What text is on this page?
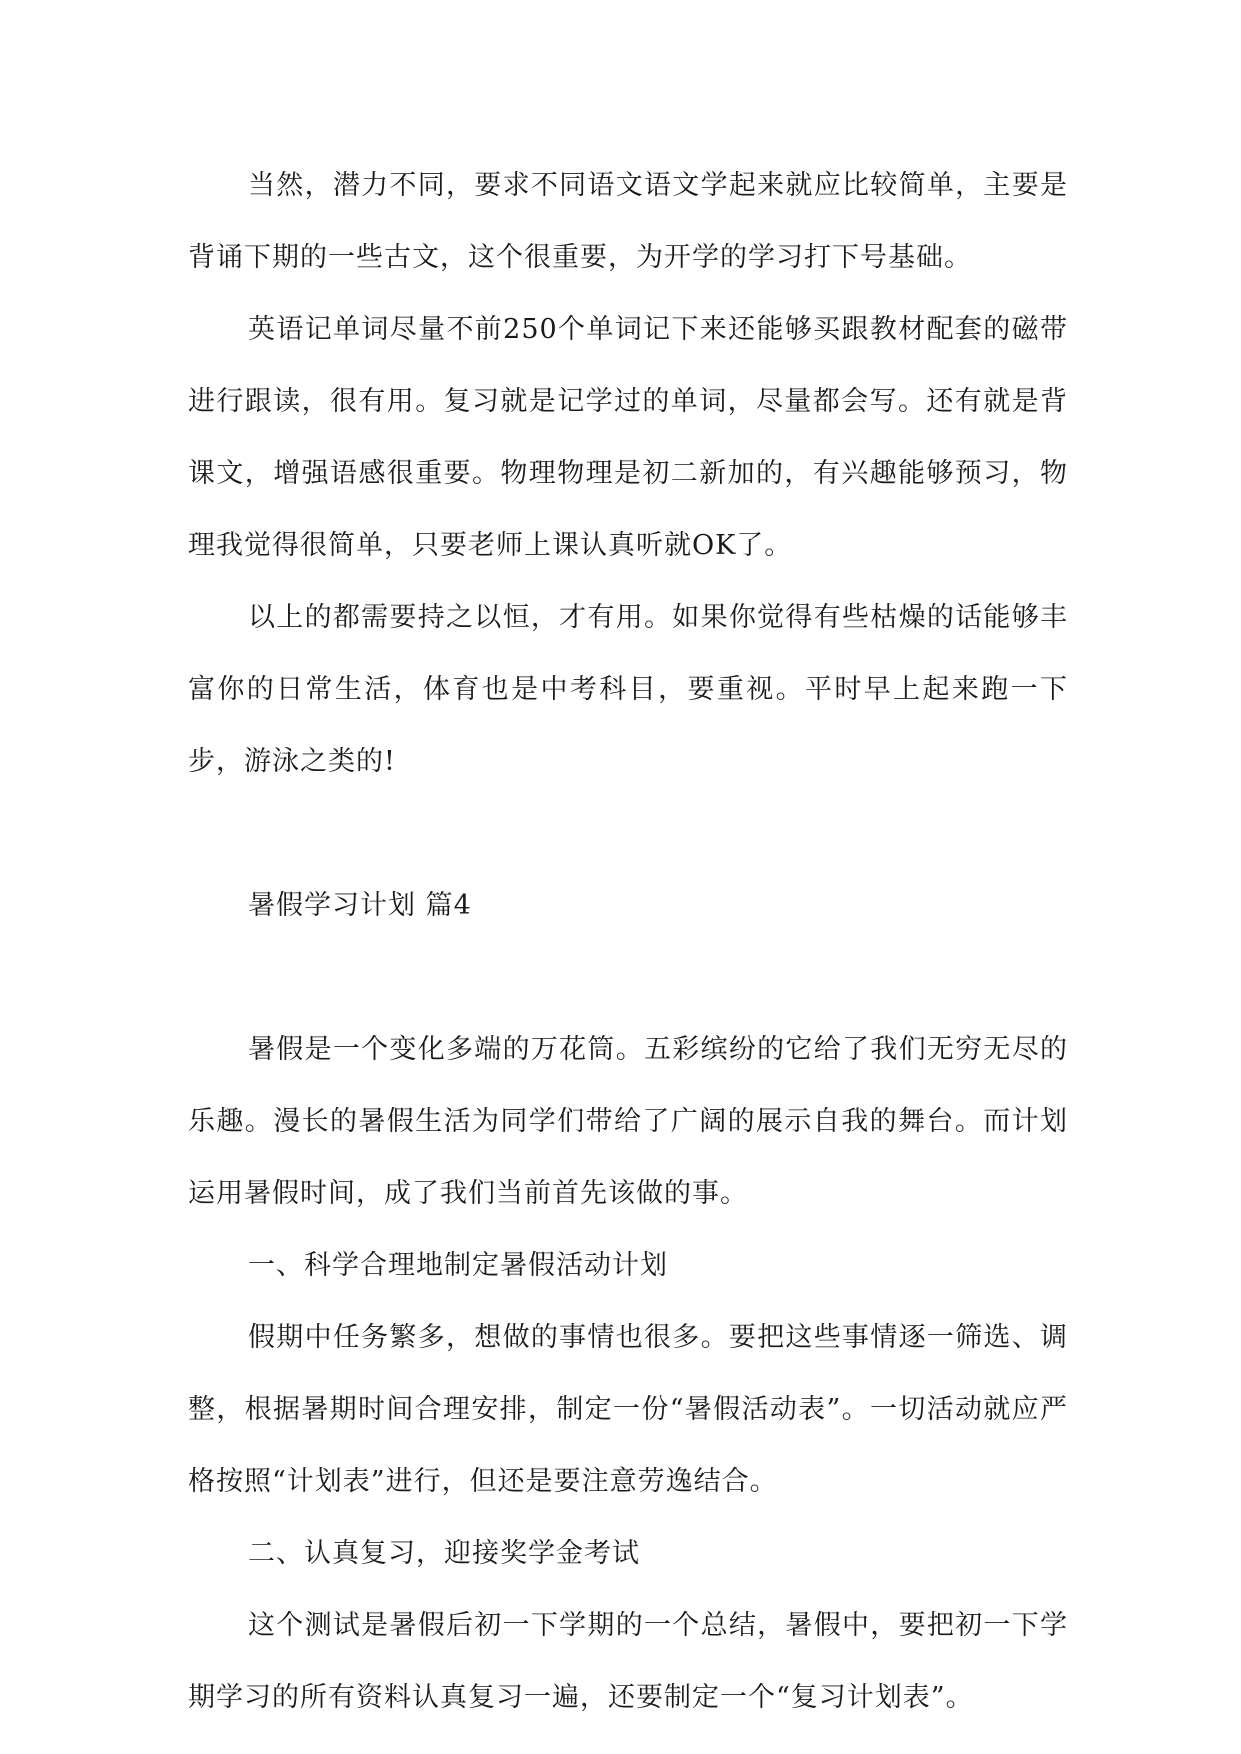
当然，潜力不同，要求不同语文语文学起来就应比较简单，主要是背诵下期的一些古文，这个很重要，为开学的学习打下号基础。

英语记单词尽量不前250个单词记下来还能够买跟教材配套的磁带进行跟读，很有用。复习就是记学过的单词，尽量都会写。还有就是背课文，增强语感很重要。物理物理是初二新加的，有兴趣能够预习，物理我觉得很简单，只要老师上课认真听就OK了。

以上的都需要持之以恒，才有用。如果你觉得有些枯燥的话能够丰富你的日常生活，体育也是中考科目，要重视。平时早上起来跑一下步，游泳之类的!

暑假学习计划 篇4

暑假是一个变化多端的万花筒。五彩缤纷的它给了我们无穷无尽的乐趣。漫长的暑假生活为同学们带给了广阔的展示自我的舞台。而计划运用暑假时间，成了我们当前首先该做的事。

一、科学合理地制定暑假活动计划

假期中任务繁多，想做的事情也很多。要把这些事情逐一筛选、调整，根据暑期时间合理安排，制定一份“暑假活动表”。一切活动就应严格按照“计划表”进行，但还是要注意劳逸结合。

二、认真复习，迎接奖学金考试

这个测试是暑假后初一下学期的一个总结，暑假中，要把初一下学期学习的所有资料认真复习一遍，还要制定一个“复习计划表”。
